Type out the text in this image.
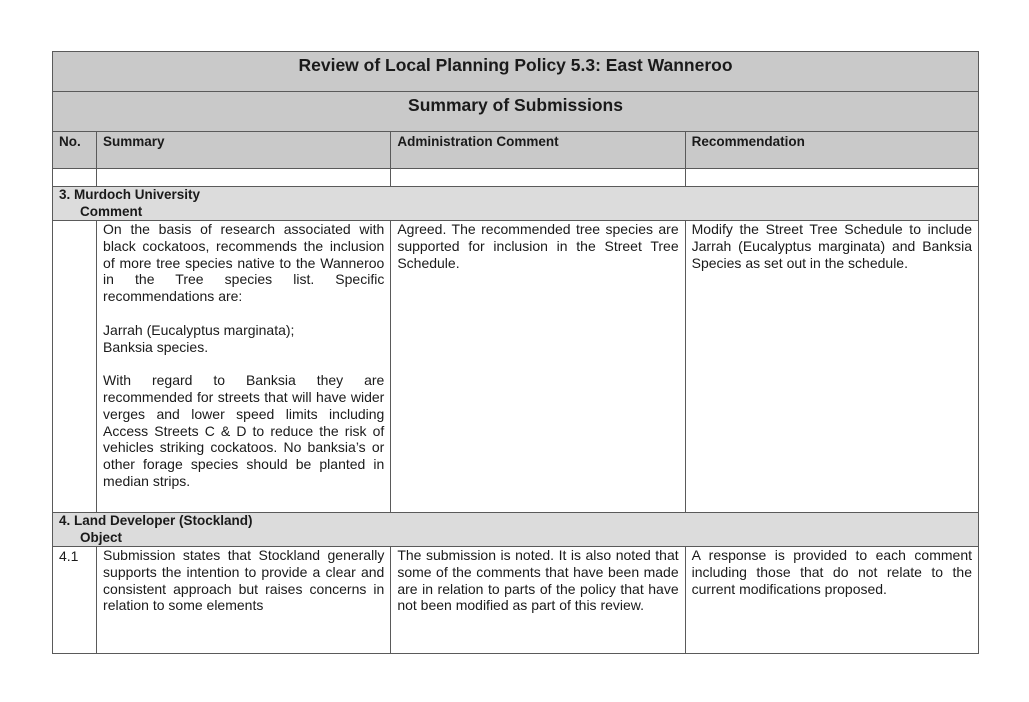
Review of Local Planning Policy 5.3: East Wanneroo			
Summary of Submissions			
No.	Summary	Administration Comment	Recommendation

3. Murdoch University
Comment			

	On the basis of research associated with black cockatoos, recommends the inclusion of more tree species native to the Wanneroo in the Tree species list. Specific recommendations are:

Jarrah (Eucalyptus marginata);
Banksia species.

With regard to Banksia they are recommended for streets that will have wider verges and lower speed limits including Access Streets C & D to reduce the risk of vehicles striking cockatoos. No banksia’s or other forage species should be planted in median strips.	Agreed. The recommended tree species are supported for inclusion in the Street Tree Schedule.	Modify the Street Tree Schedule to include Jarrah (Eucalyptus marginata) and Banksia Species as set out in the schedule.
4. Land Developer (Stockland)
Object			

4.1	Submission states that Stockland generally supports the intention to provide a clear and consistent approach but raises concerns in relation to some elements	The submission is noted. It is also noted that some of the comments that have been made are in relation to parts of the policy that have not been modified as part of this review.	A response is provided to each comment including those that do not relate to the current modifications proposed.
